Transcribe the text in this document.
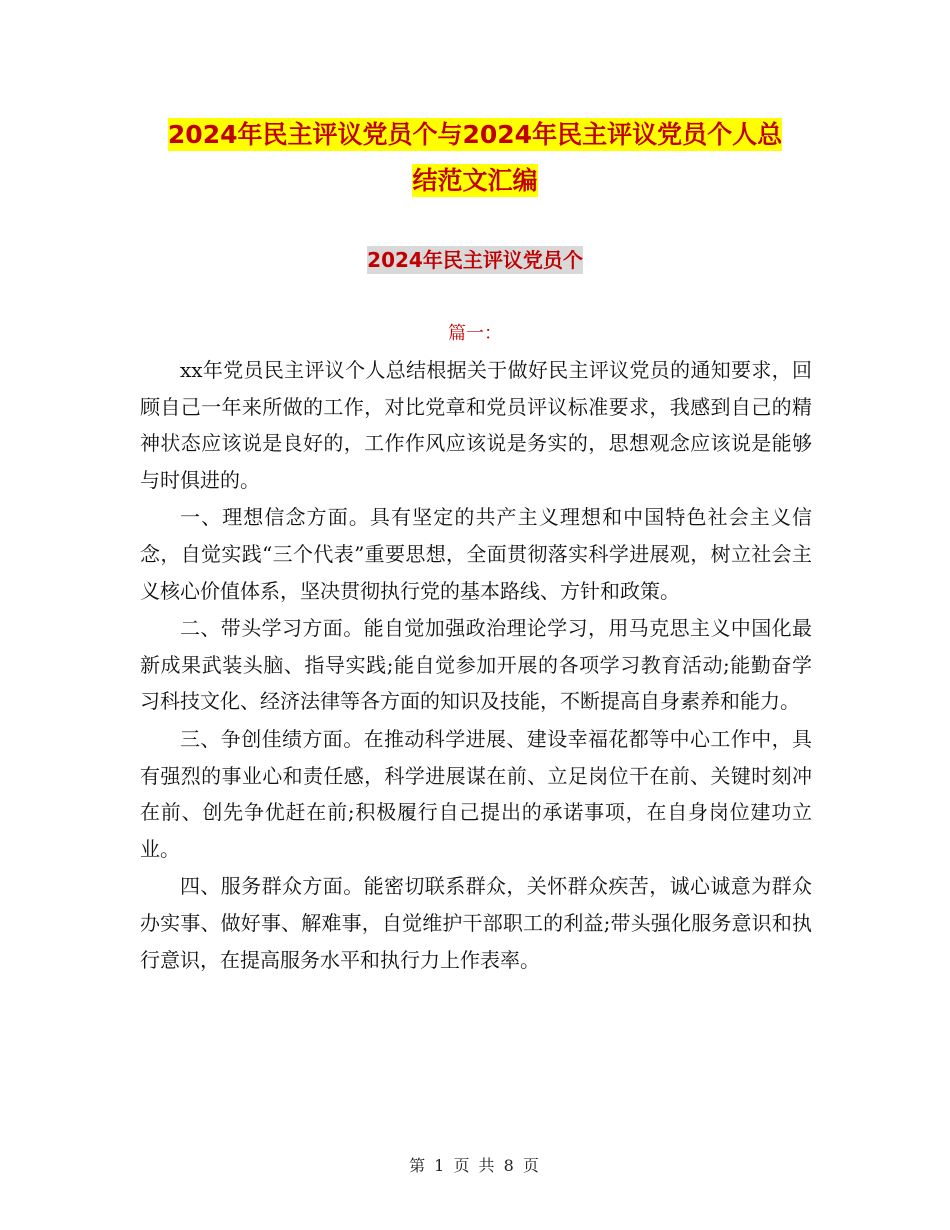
2024年民主评议党员个与2024年民主评议党员个人总
结范文汇编
2024年民主评议党员个
篇一：

xx年党员民主评议个人总结根据关于做好民主评议党员的通知要求，回顾自己一年来所做的工作，对比党章和党员评议标准要求，我感到自己的精神状态应该说是良好的，工作作风应该说是务实的，思想观念应该说是能够与时俱进的。

一、理想信念方面。具有坚定的共产主义理想和中国特色社会主义信念，自觉实践“三个代表”重要思想，全面贯彻落实科学进展观，树立社会主义核心价值体系，坚决贯彻执行党的基本路线、方针和政策。

二、带头学习方面。能自觉加强政治理论学习，用马克思主义中国化最新成果武装头脑、指导实践;能自觉参加开展的各项学习教育活动;能勤奋学习科技文化、经济法律等各方面的知识及技能，不断提高自身素养和能力。

三、争创佳绩方面。在推动科学进展、建设幸福花都等中心工作中，具有强烈的事业心和责任感，科学进展谋在前、立足岗位干在前、关键时刻冲在前、创先争优赶在前;积极履行自己提出的承诺事项，在自身岗位建功立业。

四、服务群众方面。能密切联系群众，关怀群众疾苦，诚心诚意为群众办实事、做好事、解难事，自觉维护干部职工的利益;带头强化服务意识和执行意识，在提高服务水平和执行力上作表率。

第 1 页 共 8 页
